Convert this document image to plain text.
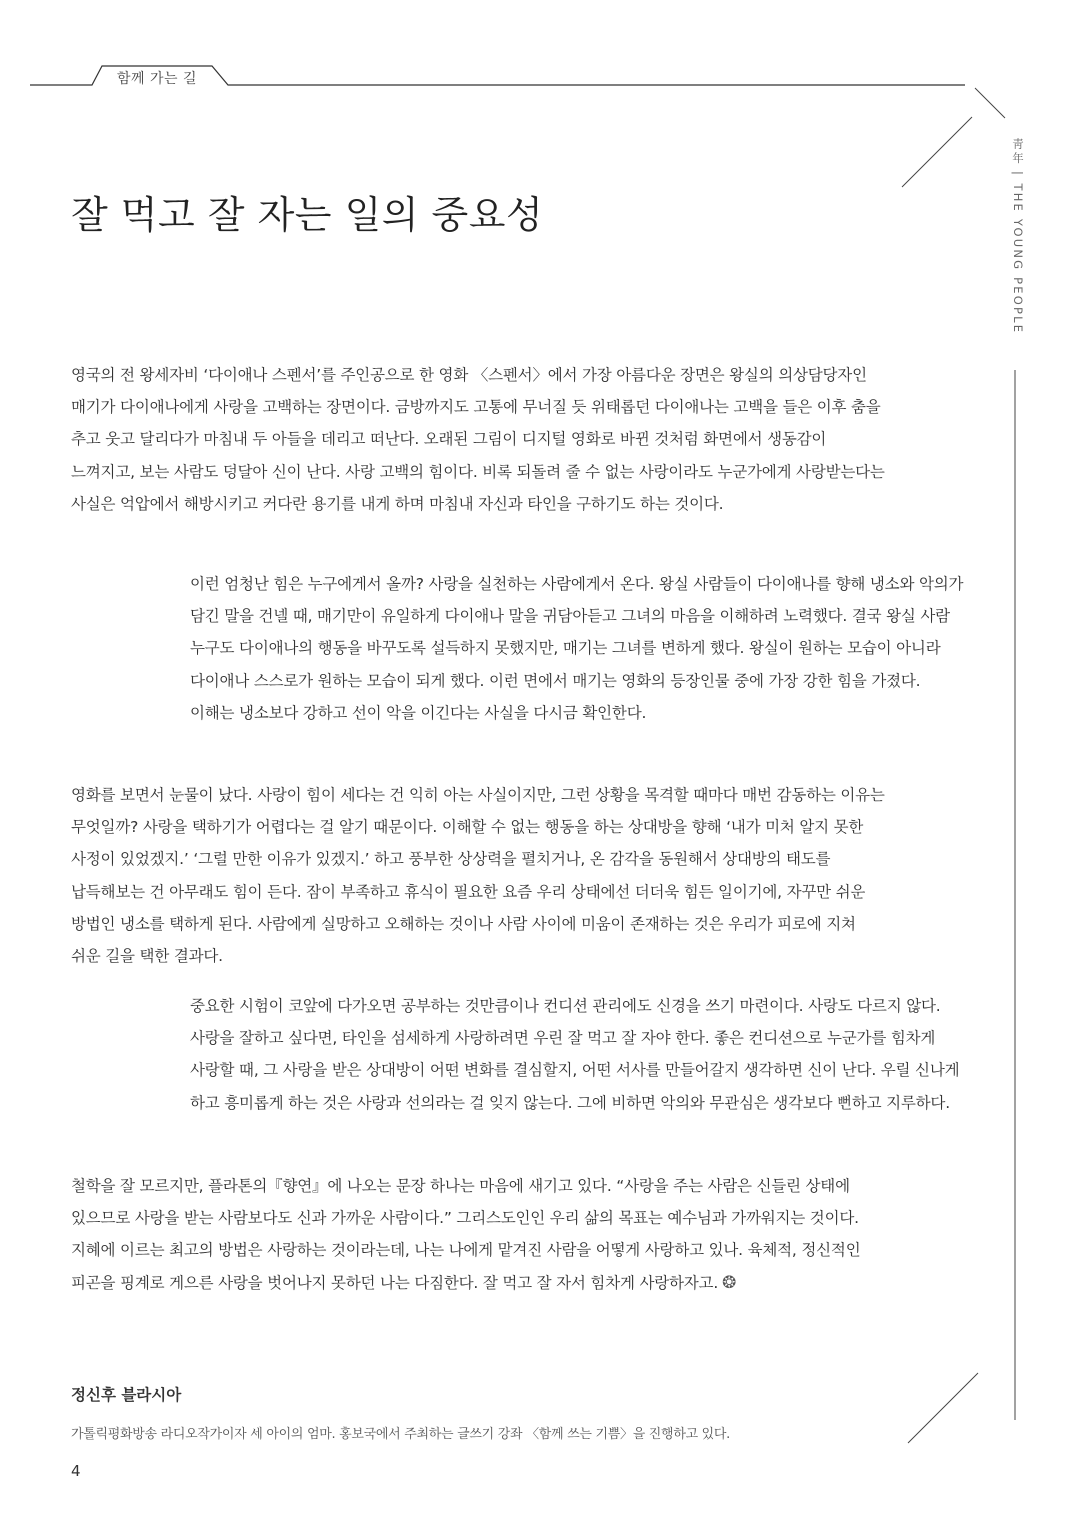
함께 가는 길
靑年|THE YOUNG PEOPLE
잘 먹고 잘 자는 일의 중요성

영국의 전 왕세자비 ‘다이애나 스펜서’를 주인공으로 한 영화 〈스펜서〉에서 가장 아름다운 장면은 왕실의 의상담당자인 매기가 다이애나에게 사랑을 고백하는 장면이다. 금방까지도 고통에 무너질 듯 위태롭던 다이애나는 고백을 들은 이후 춤을 추고 웃고 달리다가 마침내 두 아들을 데리고 떠난다. 오래된 그림이 디지털 영화로 바뀐 것처럼 화면에서 생동감이 느껴지고, 보는 사람도 덩달아 신이 난다. 사랑 고백의 힘이다. 비록 되돌려 줄 수 없는 사랑이라도 누군가에게 사랑받는다는 사실은 억압에서 해방시키고 커다란 용기를 내게 하며 마침내 자신과 타인을 구하기도 하는 것이다.

이런 엄청난 힘은 누구에게서 올까? 사랑을 실천하는 사람에게서 온다. 왕실 사람들이 다이애나를 향해 냉소와 악의가 담긴 말을 건넬 때, 매기만이 유일하게 다이애나 말을 귀담아듣고 그녀의 마음을 이해하려 노력했다. 결국 왕실 사람 누구도 다이애나의 행동을 바꾸도록 설득하지 못했지만, 매기는 그녀를 변하게 했다. 왕실이 원하는 모습이 아니라 다이애나 스스로가 원하는 모습이 되게 했다. 이런 면에서 매기는 영화의 등장인물 중에 가장 강한 힘을 가졌다. 이해는 냉소보다 강하고 선이 악을 이긴다는 사실을 다시금 확인한다.

영화를 보면서 눈물이 났다. 사랑이 힘이 세다는 건 익히 아는 사실이지만, 그런 상황을 목격할 때마다 매번 감동하는 이유는 무엇일까? 사랑을 택하기가 어렵다는 걸 알기 때문이다. 이해할 수 없는 행동을 하는 상대방을 향해 ‘내가 미처 알지 못한 사정이 있었겠지.’ ‘그럴 만한 이유가 있겠지.’ 하고 풍부한 상상력을 펼치거나, 온 감각을 동원해서 상대방의 태도를 납득해보는 건 아무래도 힘이 든다. 잠이 부족하고 휴식이 필요한 요즘 우리 상태에선 더더욱 힘든 일이기에, 자꾸만 쉬운 방법인 냉소를 택하게 된다. 사람에게 실망하고 오해하는 것이나 사람 사이에 미움이 존재하는 것은 우리가 피로에 지쳐 쉬운 길을 택한 결과다.

중요한 시험이 코앞에 다가오면 공부하는 것만큼이나 컨디션 관리에도 신경을 쓰기 마련이다. 사랑도 다르지 않다. 사랑을 잘하고 싶다면, 타인을 섬세하게 사랑하려면 우린 잘 먹고 잘 자야 한다. 좋은 컨디션으로 누군가를 힘차게 사랑할 때, 그 사랑을 받은 상대방이 어떤 변화를 결심할지, 어떤 서사를 만들어갈지 생각하면 신이 난다. 우릴 신나게 하고 흥미롭게 하는 것은 사랑과 선의라는 걸 잊지 않는다. 그에 비하면 악의와 무관심은 생각보다 뻔하고 지루하다.

철학을 잘 모르지만, 플라톤의『향연』에 나오는 문장 하나는 마음에 새기고 있다. “사랑을 주는 사람은 신들린 상태에 있으므로 사랑을 받는 사람보다도 신과 가까운 사람이다.” 그리스도인인 우리 삶의 목표는 예수님과 가까워지는 것이다. 지혜에 이르는 최고의 방법은 사랑하는 것이라는데, 나는 나에게 맡겨진 사람을 어떻게 사랑하고 있나. 육체적, 정신적인 피곤을 핑계로 게으른 사랑을 벗어나지 못하던 나는 다짐한다. 잘 먹고 잘 자서 힘차게 사랑하자고. ❂

정신후 블라시아
가톨릭평화방송 라디오작가이자 세 아이의 엄마. 홍보국에서 주최하는 글쓰기 강좌 〈함께 쓰는 기쁨〉을 진행하고 있다.
4
